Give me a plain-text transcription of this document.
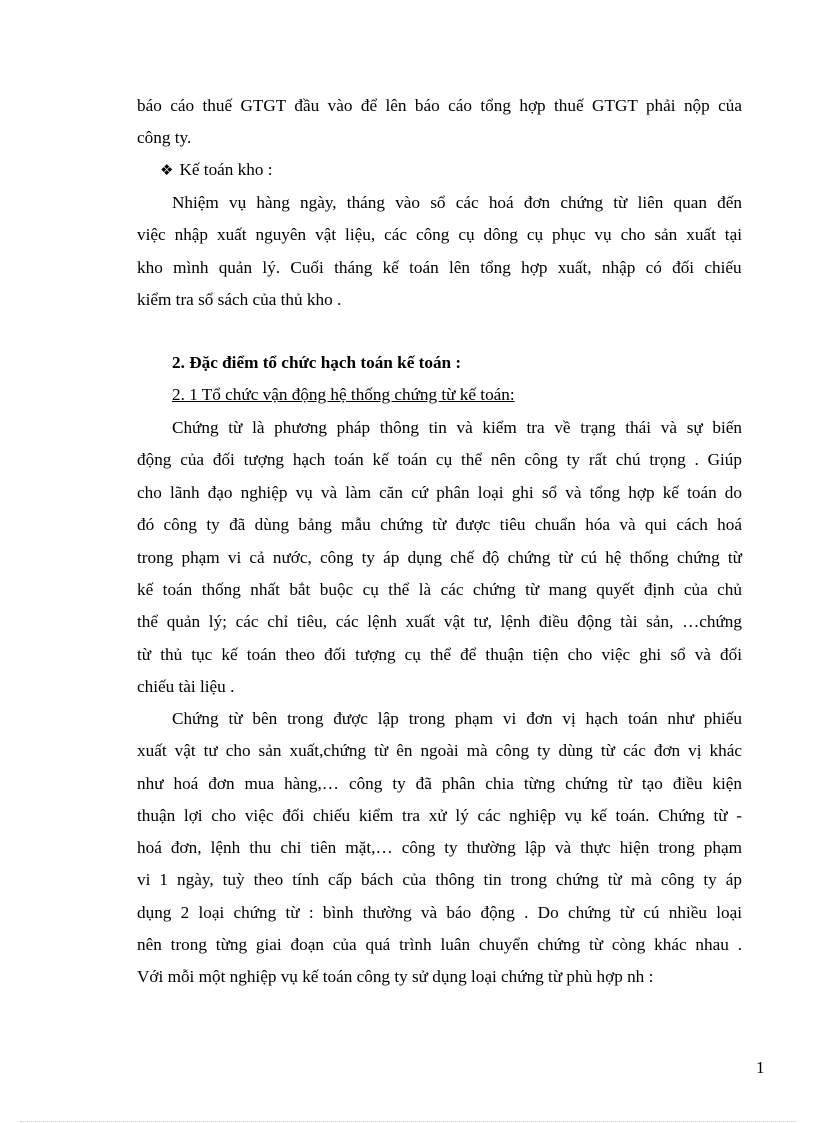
báo cáo thuế GTGT đầu vào để lên báo cáo tổng hợp thuế GTGT phải nộp của
công ty.
❖ Kế toán kho :
Nhiệm vụ hàng ngày, tháng vào sổ các hoá đơn chứng từ liên quan đến
việc nhập xuất nguyên vật liệu, các công cụ dông cụ phục vụ cho sản xuất tại
kho mình quản lý. Cuối tháng kế toán lên tổng hợp xuất, nhập có đối chiếu
kiểm tra sổ sách của thủ kho .
2. Đặc điểm tổ chức hạch toán kế toán :
2. 1 Tổ chức vận động hệ thống chứng từ kế toán:
Chứng từ là phương pháp thông tin và kiểm tra về trạng thái và sự biến
động của đối tượng hạch toán kế toán cụ thể nên công ty rất chú trọng . Giúp
cho lãnh đạo nghiệp vụ và làm căn cứ phân loại ghi sổ và tổng hợp kế toán do
đó công ty đã dùng bảng mẫu chứng từ được tiêu chuẩn hóa và qui cách hoá
trong phạm vi cả nước, công ty áp dụng chế độ chứng từ cú hệ thống chứng từ
kế toán thống nhất bắt buộc cụ thể là các chứng từ mang quyết định của chủ
thể quản lý; các chỉ tiêu, các lệnh xuất vật tư, lệnh điều động tài sản, …chứng
từ thủ tục kế toán theo đối tượng cụ thể để thuận tiện cho việc ghi sổ và đối
chiếu tài liệu .
Chứng từ bên trong được lập trong phạm vi đơn vị hạch toán như phiếu
xuất vật tư cho sản xuất,chứng từ ên ngoài mà công ty dùng từ các đơn vị khác
như hoá đơn mua hàng,… công ty đã phân chia từng chứng từ tạo điều kiện
thuận lợi cho việc đối chiếu kiểm tra xử lý các nghiệp vụ kế toán. Chứng từ -
hoá đơn, lệnh thu chi tiên mặt,… công ty thường lập và thực hiện trong phạm
vi 1 ngày, tuỳ theo tính cấp bách của thông tin trong chứng từ mà công ty áp
dụng 2 loại chứng từ : bình thường và báo động . Do chứng từ cú nhiều loại
nên trong từng giai đoạn của quá trình luân chuyển chứng từ còng khác nhau .
Với mỗi một nghiệp vụ kế toán công ty sử dụng loại chứng từ phù hợp nh :
1
